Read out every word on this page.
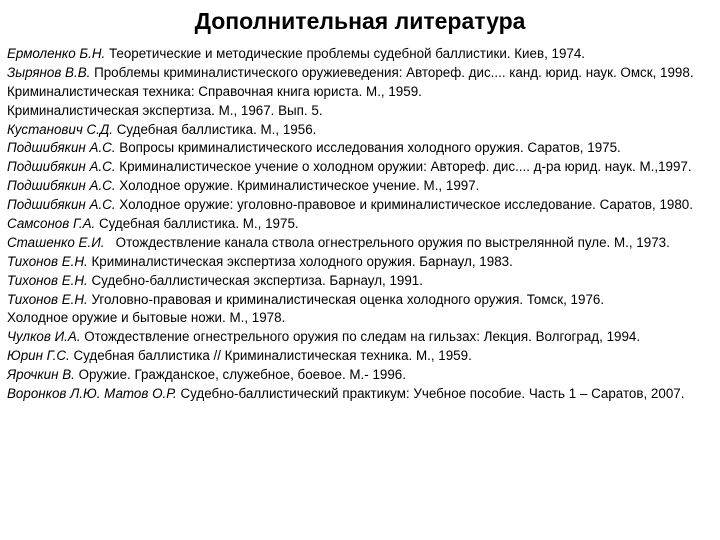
Дополнительная литература
Ермоленко Б.Н. Теоретические и методические проблемы судебной баллистики. Киев, 1974.
Зырянов В.В. Проблемы криминалистического оружиеведения: Автореф. дис.... канд. юрид. наук. Омск, 1998.
Криминалистическая техника: Справочная книга юриста. М., 1959.
Криминалистическая экспертиза. М., 1967. Вып. 5.
Кустанович С.Д. Судебная баллистика. М., 1956.
Подшибякин А.С. Вопросы криминалистического исследования холодного оружия. Саратов, 1975.
Подшибякин А.С. Криминалистическое учение о холодном оружии: Автореф. дис.... д-ра юрид. наук. М.,1997.
Подшибякин А.С. Холодное оружие. Криминалистическое учение. М., 1997.
Подшибякин А.С. Холодное оружие: уголовно-правовое и криминалистическое исследование. Саратов, 1980.
Самсонов Г.А. Судебная баллистика. М., 1975.
Сташенко Е.И.   Отождествление канала ствола огнестрельного оружия по выстрелянной пуле. М., 1973.
Тихонов Е.Н. Криминалистическая экспертиза холодного оружия. Барнаул, 1983.
Тихонов Е.Н. Судебно-баллистическая экспертиза. Барнаул, 1991.
Тихонов Е.Н. Уголовно-правовая и криминалистическая оценка холодного оружия. Томск, 1976.
Холодное оружие и бытовые ножи. М., 1978.
Чулков И.А. Отождествление огнестрельного оружия по следам на гильзах: Лекция. Волгоград, 1994.
Юрин Г.С. Судебная баллистика // Криминалистическая техника. М., 1959.
Ярочкин В. Оружие. Гражданское, служебное, боевое. М.- 1996.
Воронков Л.Ю. Матов О.Р. Судебно-баллистический практикум: Учебное пособие. Часть 1 – Саратов, 2007.
